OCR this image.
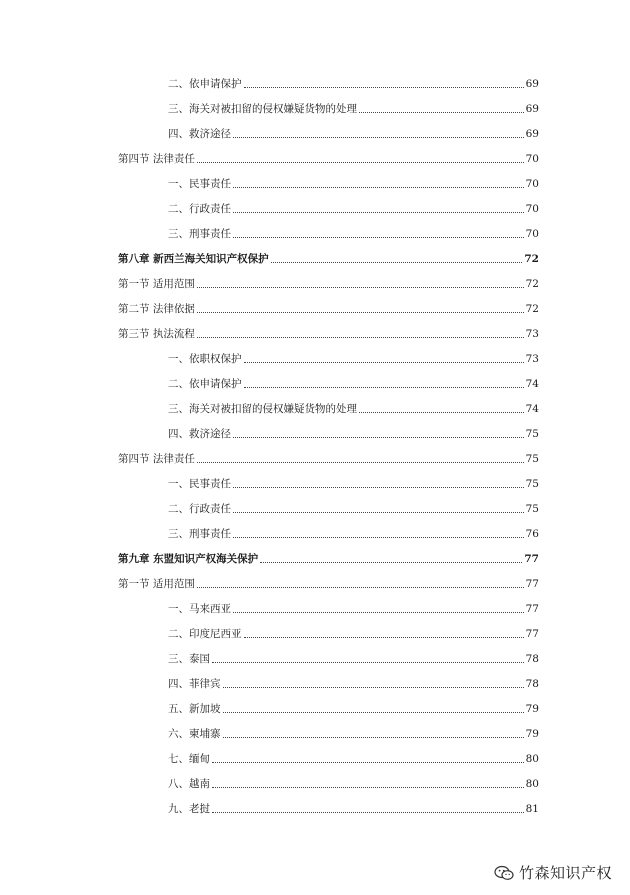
二、依申请保护	69
三、海关对被扣留的侵权嫌疑货物的处理	69
四、救济途径	69
第四节 法律责任	70
一、民事责任	70
二、行政责任	70
三、刑事责任	70
第八章 新西兰海关知识产权保护	72
第一节 适用范围	72
第二节 法律依据	72
第三节 执法流程	73
一、依职权保护	73
二、依申请保护	74
三、海关对被扣留的侵权嫌疑货物的处理	74
四、救济途径	75
第四节 法律责任	75
一、民事责任	75
二、行政责任	75
三、刑事责任	76
第九章 东盟知识产权海关保护	77
第一节 适用范围	77
一、马来西亚	77
二、印度尼西亚	77
三、泰国	78
四、菲律宾	78
五、新加坡	79
六、柬埔寨	79
七、缅甸	80
八、越南	80
九、老挝	81
竹森知识产权
